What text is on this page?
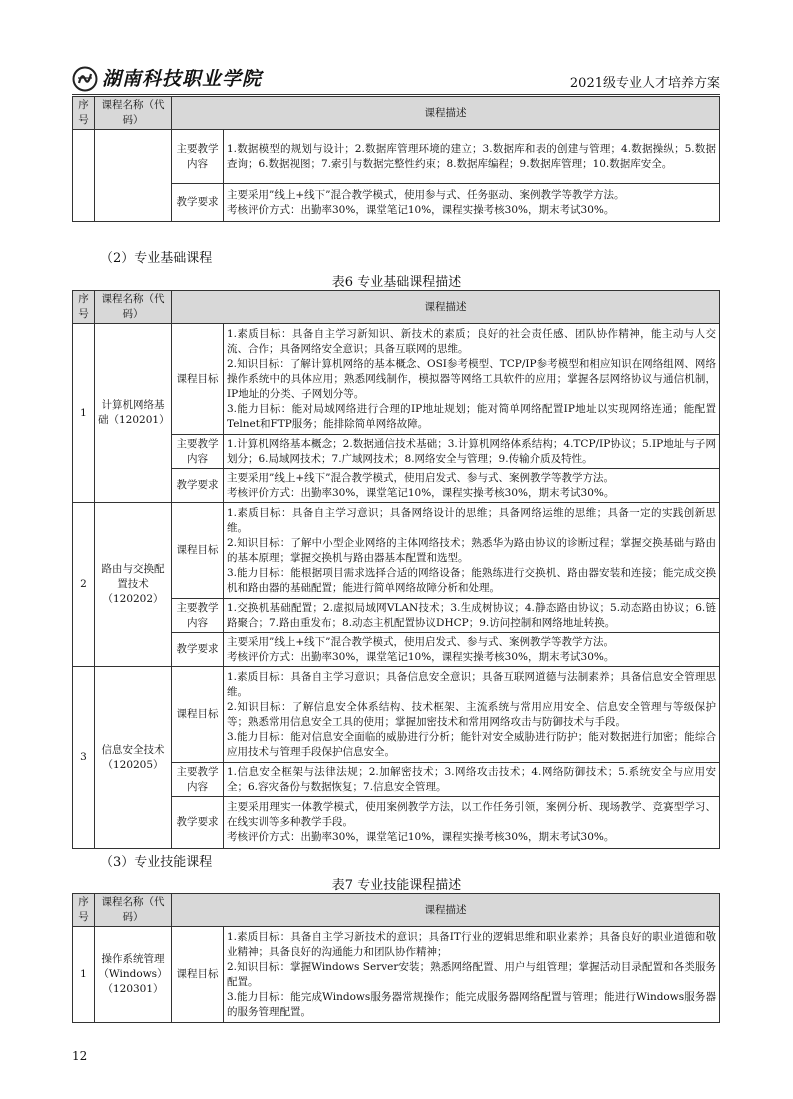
湖南科技职业学院	2021级专业人才培养方案
序号	课程名称（代码）	课程描述	
		主要教学内容	1.数据模型的规划与设计；2.数据库管理环境的建立；3.数据库和表的创建与管理；4.数据操纵；5.数据查询；6.数据视图；7.索引与数据完整性约束；8.数据库编程；9.数据库管理；10.数据库安全。
		教学要求	主要采用”线上+线下”混合教学模式，使用参与式、任务驱动、案例教学等教学方法。
考核评价方式：出勤率30%，课堂笔记10%，课程实操考核30%，期末考试30%。
（2）专业基础课程
表6 专业基础课程描述
序号	课程名称（代码）	课程描述	
1	计算机网络基础（120201）	课程目标	1.素质目标：具备自主学习新知识、新技术的素质；良好的社会责任感、团队协作精神，能主动与人交流、合作；具备网络安全意识；具备互联网的思维。
2.知识目标：了解计算机网络的基本概念、OSI参考模型、TCP/IP参考模型和相应知识在网络组网、网络操作系统中的具体应用；熟悉网线制作，模拟器等网络工具软件的应用；掌握各层网络协议与通信机制，IP地址的分类、子网划分等。
3.能力目标：能对局域网络进行合理的IP地址规划；能对简单网络配置IP地址以实现网络连通；能配置Telnet和FTP服务；能排除简单网络故障。

		主要教学内容	1.计算机网络基本概念；2.数据通信技术基础；3.计算机网络体系结构；4.TCP/IP协议；5.IP地址与子网划分；6.局域网技术；7.广域网技术；8.网络安全与管理；9.传输介质及特性。
		教学要求	主要采用”线上+线下”混合教学模式，使用启发式、参与式、案例教学等教学方法。
考核评价方式：出勤率30%，课堂笔记10%，课程实操考核30%，期末考试30%。

2	路由与交换配置技术（120202）	课程目标	1.素质目标：具备自主学习意识；具备网络设计的思维；具备网络运维的思维；具备一定的实践创新思维。
2.知识目标：了解中小型企业网络的主体网络技术；熟悉华为路由协议的诊断过程；掌握交换基础与路由的基本原理；掌握交换机与路由器基本配置和选型。
3.能力目标：能根据项目需求选择合适的网络设备；能熟练进行交换机、路由器安装和连接；能完成交换机和路由器的基础配置；能进行简单网络故障分析和处理。

		主要教学内容	1.交换机基础配置；2.虚拟局域网VLAN技术；3.生成树协议；4.静态路由协议；5.动态路由协议；6.链路聚合；7.路由重发布；8.动态主机配置协议DHCP；9.访问控制和网络地址转换。
		教学要求	主要采用”线上+线下”混合教学模式，使用启发式、参与式、案例教学等教学方法。
考核评价方式：出勤率30%，课堂笔记10%，课程实操考核30%，期末考试30%。

3	信息安全技术（120205）	课程目标	1.素质目标：具备自主学习意识；具备信息安全意识；具备互联网道德与法制素养；具备信息安全管理思维。
2.知识目标：了解信息安全体系结构、技术框架、主流系统与常用应用安全、信息安全管理与等级保护等；熟悉常用信息安全工具的使用；掌握加密技术和常用网络攻击与防御技术与手段。
3.能力目标：能对信息安全面临的威胁进行分析；能针对安全威胁进行防护；能对数据进行加密；能综合应用技术与管理手段保护信息安全。

		主要教学内容	1.信息安全框架与法律法规；2.加解密技术；3.网络攻击技术；4.网络防御技术；5.系统安全与应用安全；6.容灾备份与数据恢复；7.信息安全管理。
		教学要求	主要采用理实一体教学模式，使用案例教学方法，以工作任务引领，案例分析、现场教学、竞赛型学习、在线实训等多种教学手段。
考核评价方式：出勤率30%，课堂笔记10%，课程实操考核30%，期末考试30%。
（3）专业技能课程
表7 专业技能课程描述
序号	课程名称（代码）	课程描述	
1	操作系统管理（Windows）（120301）	课程目标	1.素质目标：具备自主学习新技术的意识；具备IT行业的逻辑思维和职业素养；具备良好的职业道德和敬业精神；具备良好的沟通能力和团队协作精神；
2.知识目标：掌握Windows Server安装；熟悉网络配置、用户与组管理；掌握活动目录配置和各类服务配置。
3.能力目标：能完成Windows服务器常规操作；能完成服务器网络配置与管理；能进行Windows服务器的服务管理配置。
12
